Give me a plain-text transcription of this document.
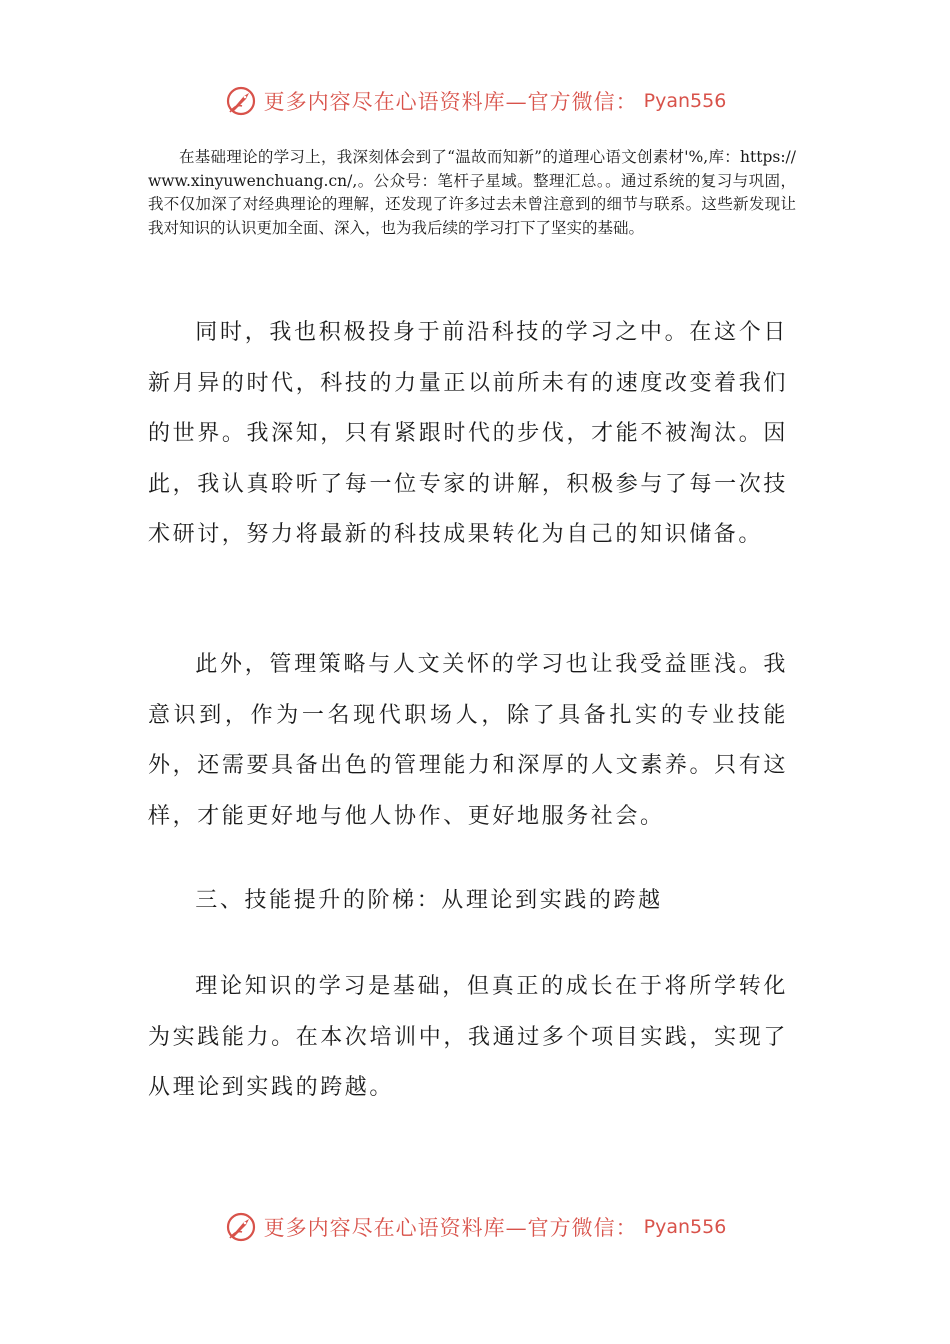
更多内容尽在心语资料库—官方微信： Pyan556

在基础理论的学习上，我深刻体会到了“温故而知新”的道理心语文创素材'%,库：https://www.xinyuwenchuang.cn/,。公众号：笔杆子星域。整理汇总。。通过系统的复习与巩固，我不仅加深了对经典理论的理解，还发现了许多过去未曾注意到的细节与联系。这些新发现让我对知识的认识更加全面、深入，也为我后续的学习打下了坚实的基础。

同时，我也积极投身于前沿科技的学习之中。在这个日新月异的时代，科技的力量正以前所未有的速度改变着我们的世界。我深知，只有紧跟时代的步伐，才能不被淘汰。因此，我认真聆听了每一位专家的讲解，积极参与了每一次技术研讨，努力将最新的科技成果转化为自己的知识储备。

此外，管理策略与人文关怀的学习也让我受益匪浅。我意识到，作为一名现代职场人，除了具备扎实的专业技能外，还需要具备出色的管理能力和深厚的人文素养。只有这样，才能更好地与他人协作、更好地服务社会。

三、技能提升的阶梯：从理论到实践的跨越

理论知识的学习是基础，但真正的成长在于将所学转化为实践能力。在本次培训中，我通过多个项目实践，实现了从理论到实践的跨越。

更多内容尽在心语资料库—官方微信： Pyan556
